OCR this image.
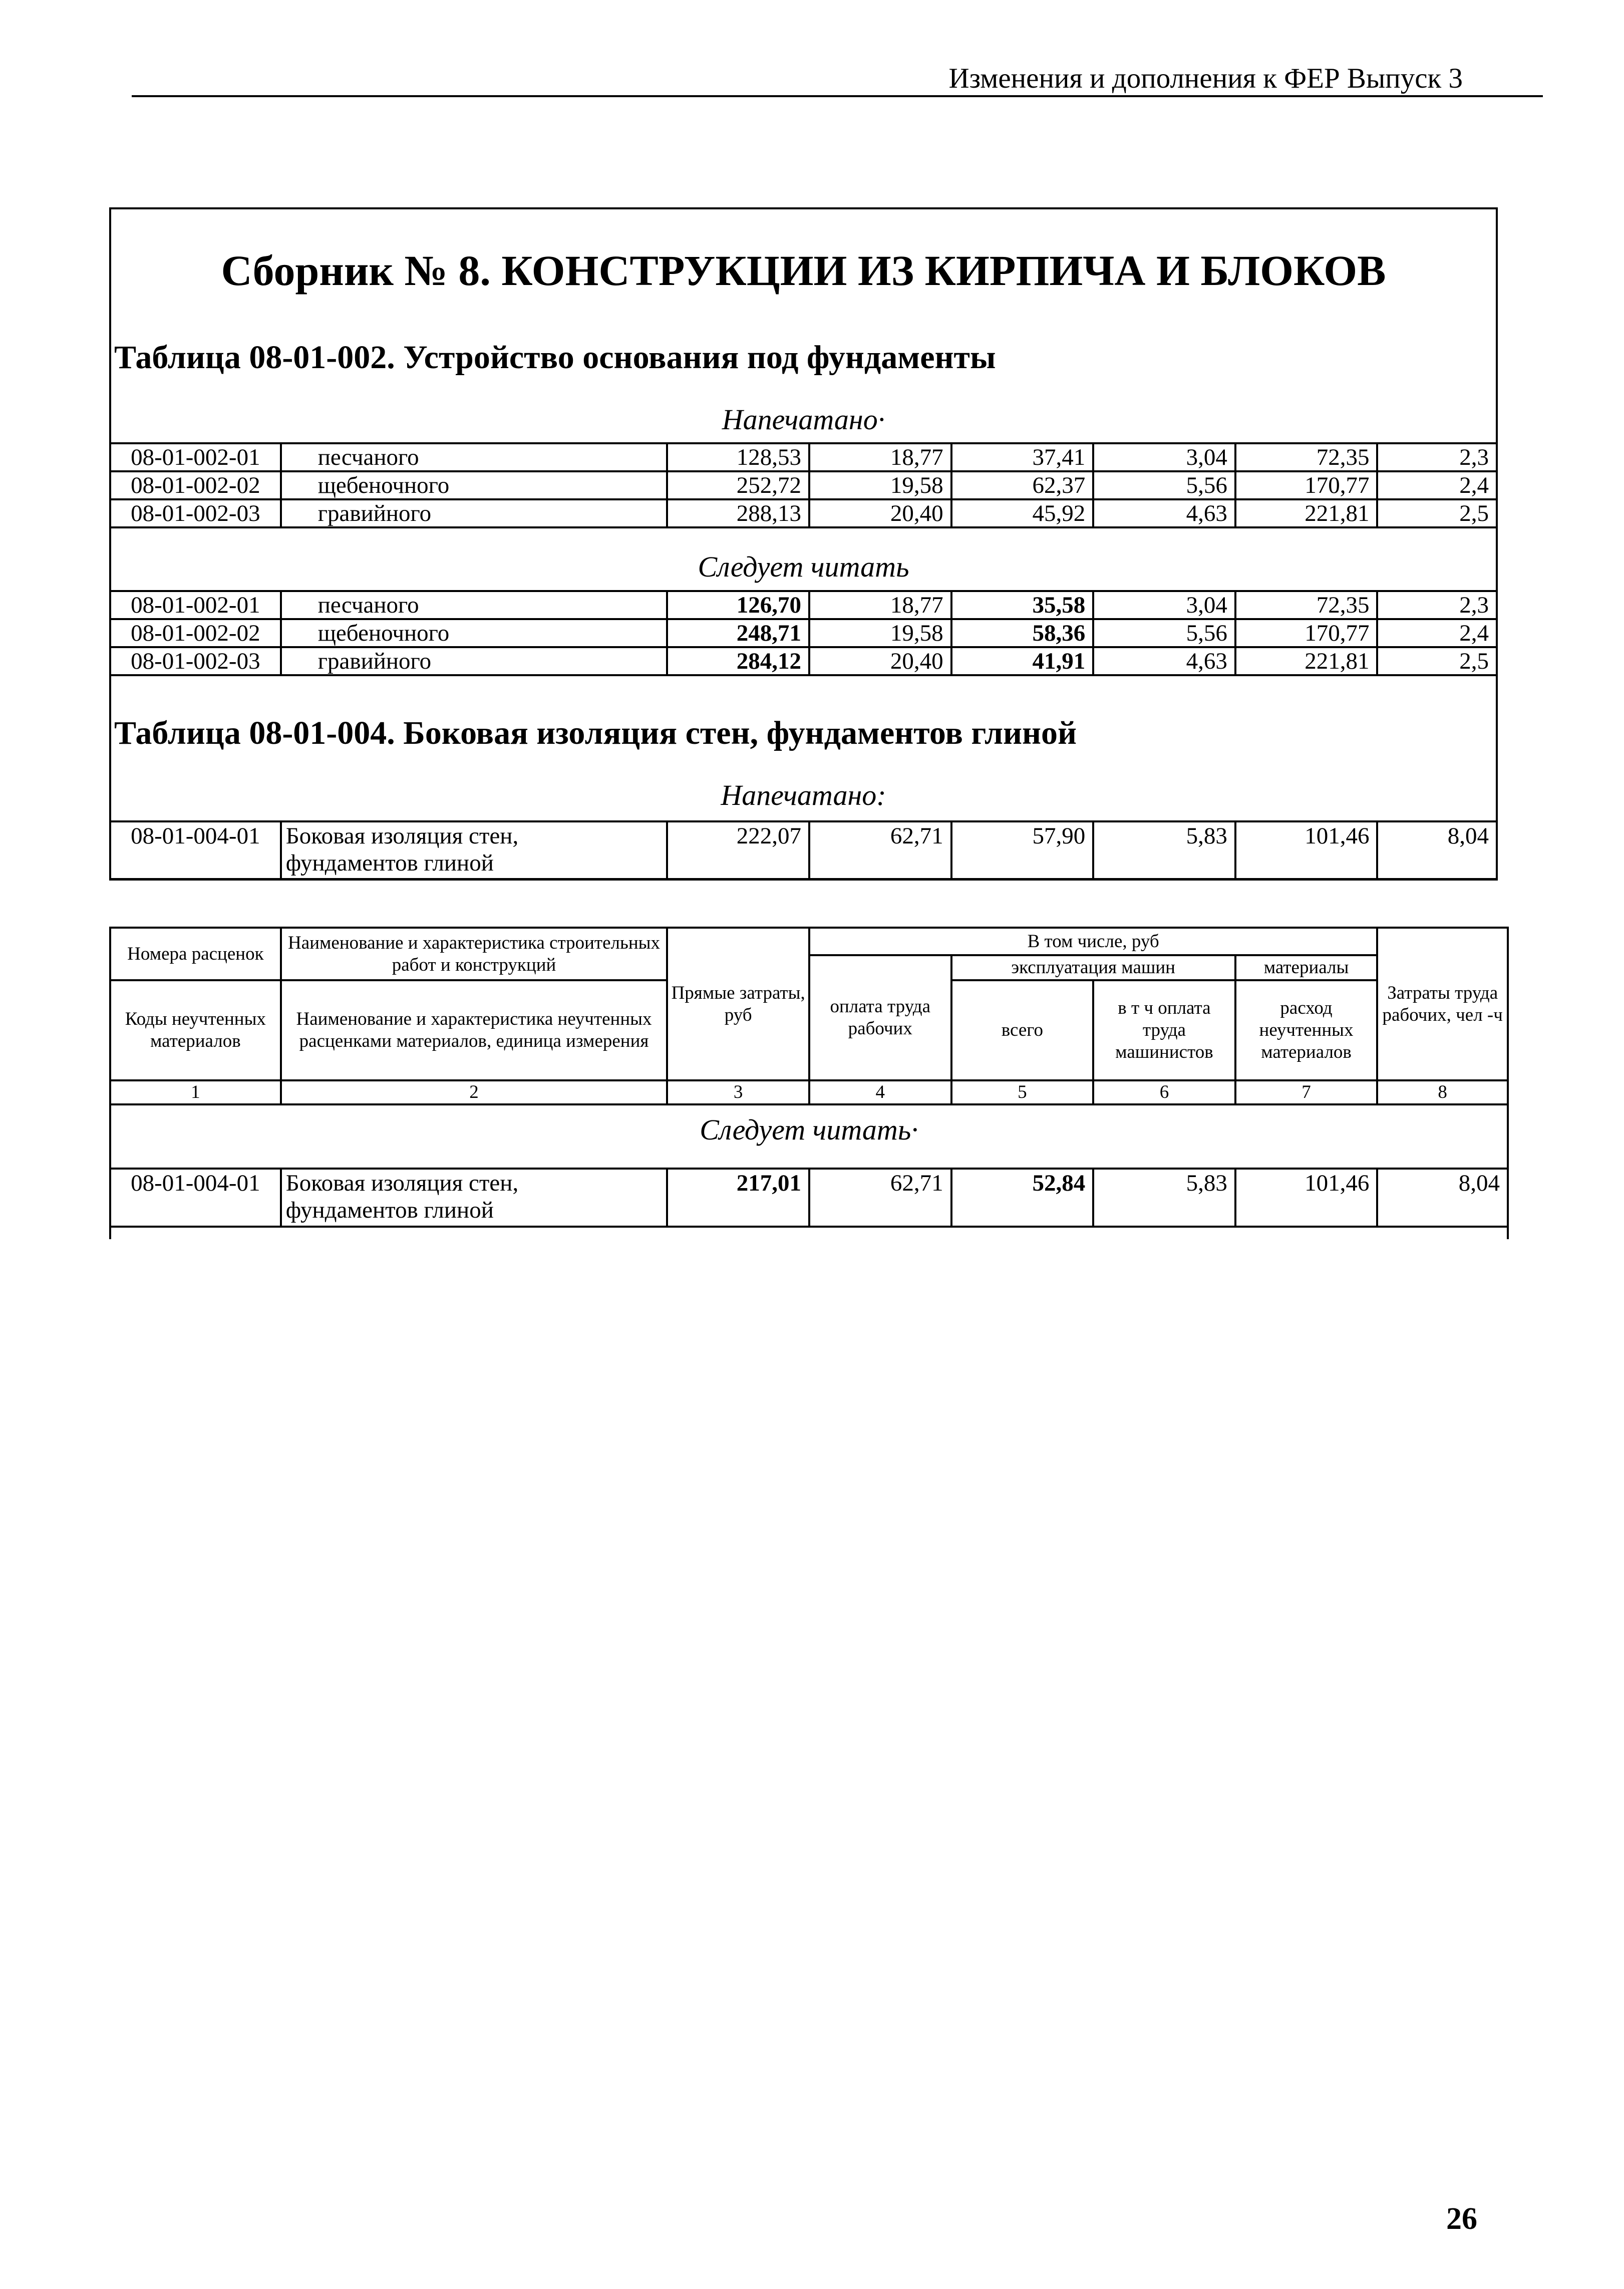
Изменения и дополнения к ФЕР Выпуск 3
Сборник № 8. КОНСТРУКЦИИ ИЗ КИРПИЧА И БЛОКОВ
Таблица 08-01-002. Устройство основания под фундаменты
Напечатано·
Следует читать
Таблица 08-01-004. Боковая изоляция стен, фундаментов глиной
Напечатано:
08-01-002-01	песчаного	128,53	18,77	37,41	3,04	72,35	2,3
08-01-002-02	щебеночного	252,72	19,58	62,37	5,56	170,77	2,4
08-01-002-03	гравийного	288,13	20,40	45,92	4,63	221,81	2,5
08-01-002-01	песчаного	126,70	18,77	35,58	3,04	72,35	2,3
08-01-002-02	щебеночного	248,71	19,58	58,36	5,56	170,77	2,4
08-01-002-03	гравийного	284,12	20,40	41,91	4,63	221,81	2,5
08-01-004-01	Боковая изоляция стен,
фундаментов глиной	222,07	62,71	57,90	5,83	101,46	8,04
Номера расценок	Наименование и характеристика строительных работ и конструкций	Прямые затраты, руб	В том числе, руб				Затраты труда рабочих, чел -ч
			оплата труда рабочих	эксплуатация машин		материалы	
Коды неучтенных материалов	Наименование и характеристика неучтенных расценками материалов, единица измерения			всего	в т ч оплата труда машинистов	расход неучтенных материалов	

1	2	3	4	5	6	7	8
Следует читать·
08-01-004-01	Боковая изоляция стен,
фундаментов глиной	217,01	62,71	52,84	5,83	101,46	8,04
26
